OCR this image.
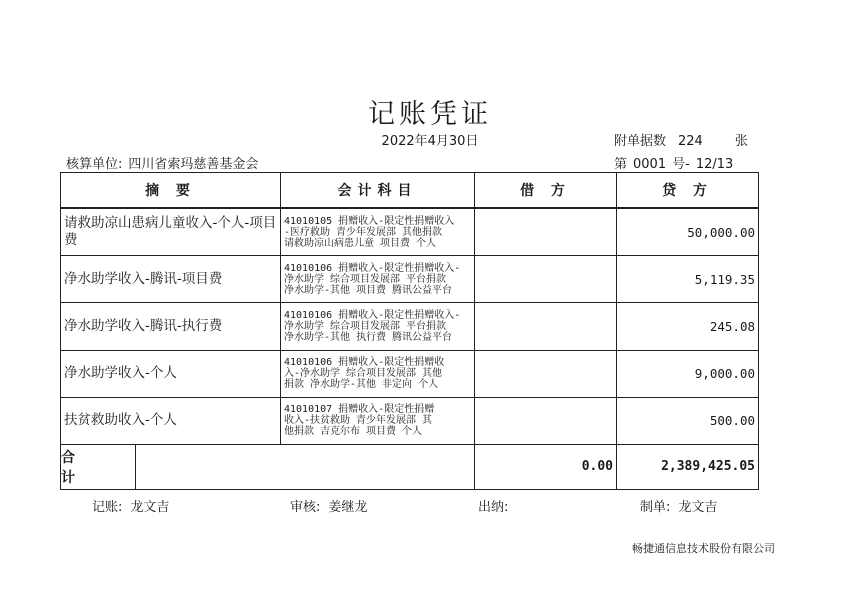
记账凭证
2022年4月30日	附单据数 224 张
核算单位: 四川省索玛慈善基金会	第 0001 号- 12/13
摘 要	会计科目	借 方	贷 方
请救助凉山患病儿童收入-个人-项目费	41010105 捐赠收入-限定性捐赠收入
-医疗救助 青少年发展部 其他捐款
请救助凉山病患儿童 项目费 个人		50,000.00
净水助学收入-腾讯-项目费	41010106 捐赠收入-限定性捐赠收入-
净水助学 综合项目发展部 平台捐款
净水助学-其他 项目费 腾讯公益平台		5,119.35
净水助学收入-腾讯-执行费	41010106 捐赠收入-限定性捐赠收入-
净水助学 综合项目发展部 平台捐款
净水助学-其他 执行费 腾讯公益平台		245.08
净水助学收入-个人	41010106 捐赠收入-限定性捐赠收
入-净水助学 综合项目发展部 其他
捐款 净水助学-其他 非定向 个人		9,000.00
扶贫救助收入-个人	41010107 捐赠收入-限定性捐赠
收入-扶贫救助 青少年发展部 其
他捐款 吉克尔布 项目费 个人		500.00

合 计		0.00	2,389,425.05
记账: 龙文吉	审核: 姜继龙	出纳:	制单: 龙文吉
畅捷通信息技术股份有限公司
